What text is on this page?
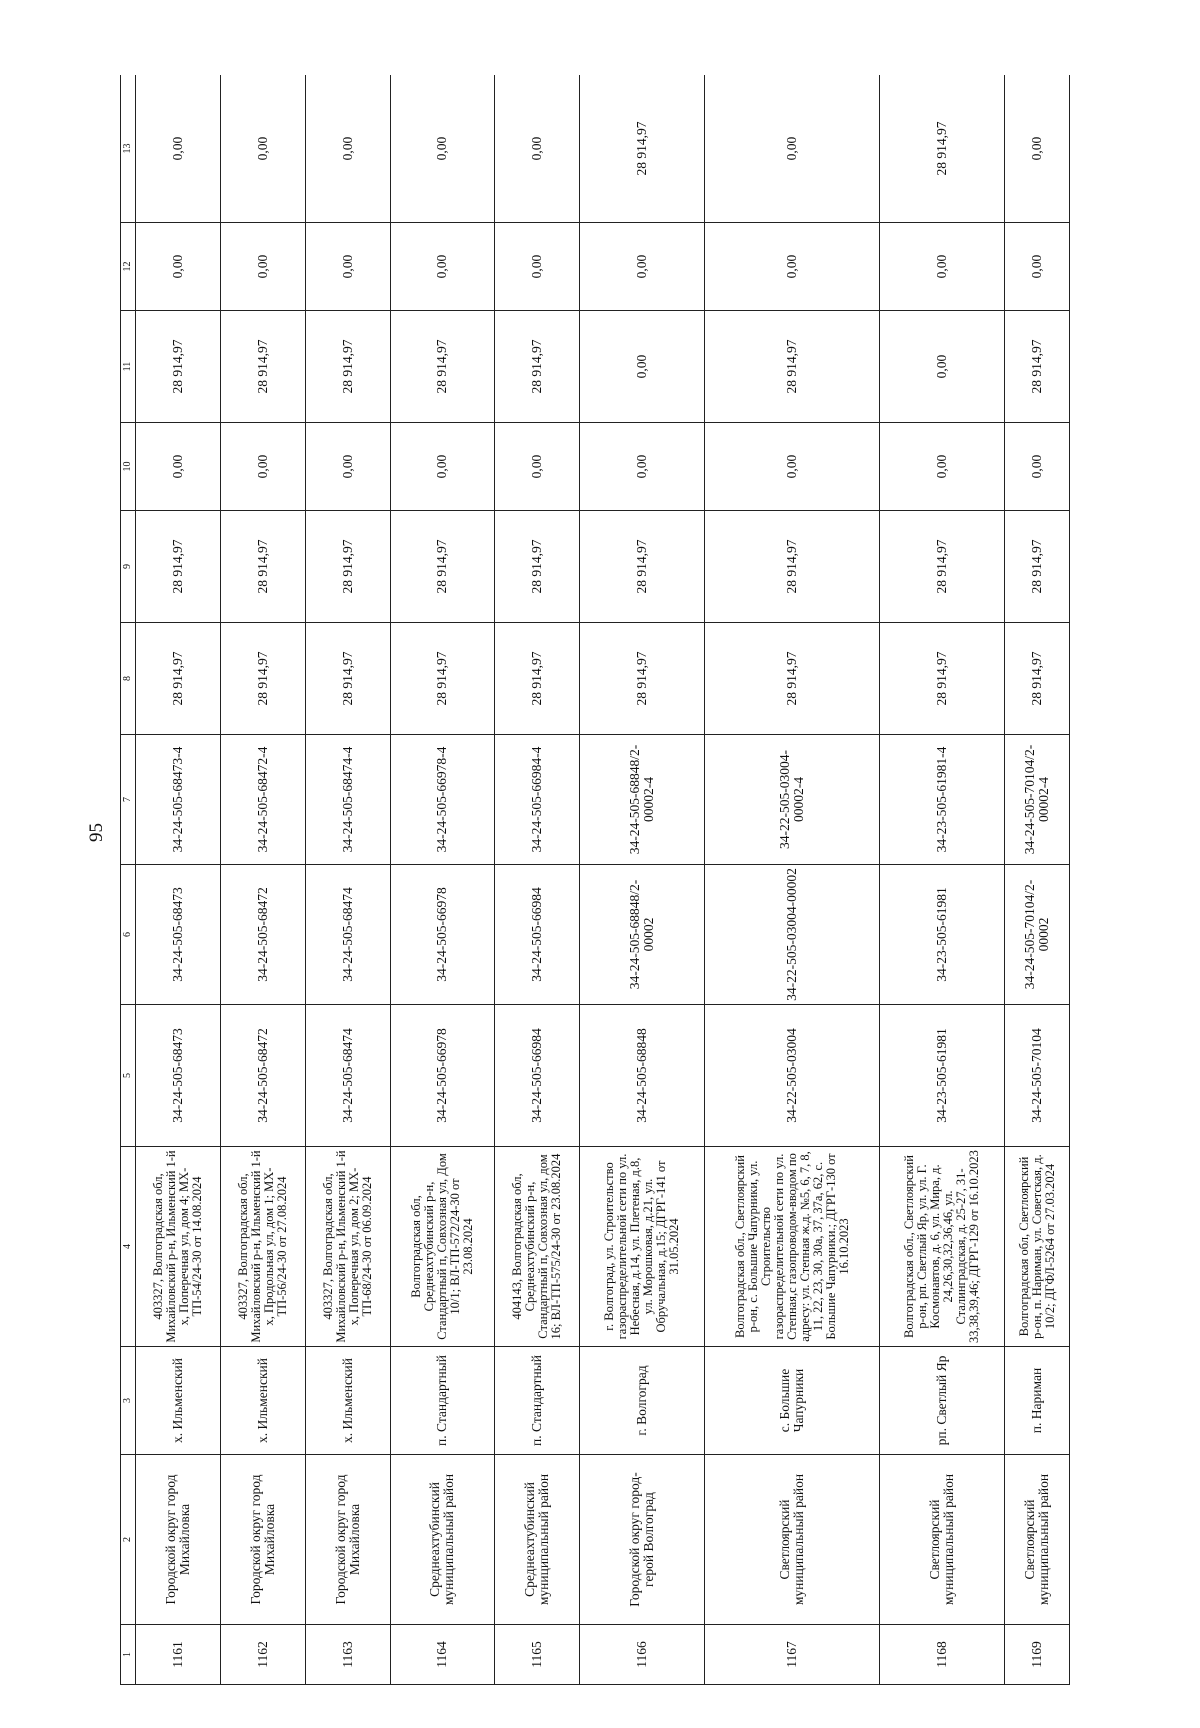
95
1	2	3	4	5	6	7	8	9	10	11	12	13
1161	Городской округ город Михайловка	х. Ильменский	403327, Волгоградская обл, Михайловский р-н, Ильменский 1-й х, Поперечная ул, дом 4; МХ-ТП-54/24-30 от 14.08.2024	34-24-505-68473	34-24-505-68473	34-24-505-68473-4	28 914,97	28 914,97	0,00	28 914,97	0,00	0,00
1162	Городской округ город Михайловка	х. Ильменский	403327, Волгоградская обл, Михайловский р-н, Ильменский 1-й х, Продольная ул, дом 1; МХ-ТП-56/24-30 от 27.08.2024	34-24-505-68472	34-24-505-68472	34-24-505-68472-4	28 914,97	28 914,97	0,00	28 914,97	0,00	0,00
1163	Городской округ город Михайловка	х. Ильменский	403327, Волгоградская обл, Михайловский р-н, Ильменский 1-й х, Поперечная ул, дом 2; МХ-ТП-68/24-30 от 06.09.2024	34-24-505-68474	34-24-505-68474	34-24-505-68474-4	28 914,97	28 914,97	0,00	28 914,97	0,00	0,00
1164	Среднеахтубинский муниципальный район	п. Стандартный	Волгоградская обл, Среднеахтубинский р-н, Стандартный п, Совхозная ул, Дом 10/1; ВЛ-ТП-572/24-30 от 23.08.2024	34-24-505-66978	34-24-505-66978	34-24-505-66978-4	28 914,97	28 914,97	0,00	28 914,97	0,00	0,00
1165	Среднеахтубинский муниципальный район	п. Стандартный	404143, Волгоградская обл, Среднеахтубинский р-н, Стандартный п, Совхозная ул, дом 16; ВЛ-ТП-575/24-30 от 23.08.2024	34-24-505-66984	34-24-505-66984	34-24-505-66984-4	28 914,97	28 914,97	0,00	28 914,97	0,00	0,00
1166	Городской округ город-герой Волгоград	г. Волгоград	г. Волгоград, ул. Строительство газораспределительной сети по ул. Небесная, д.14, ул. Плетеная, д.8, ул. Морошковая, д.21, ул. Обручальная, д.15; ДГРГ-141 от 31.05.2024	34-24-505-68848	34-24-505-68848/2-00002	34-24-505-68848/2-00002-4	28 914,97	28 914,97	0,00	0,00	0,00	28 914,97
1167	Светлоярский муниципальный район	с. Большие Чапурники	Волгоградская обл., Светлоярский р-он, с. Большие Чапурники, ул. Строительство газораспределительной сети по ул. Степная,с газопроводом-вводом по адресу: ул. Степная ж.д. №5, 6, 7, 8, 11, 22, 23, 30, 30а, 37, 37а, 62, с. Большие Чапурники.; ДГРГ-130 от 16.10.2023	34-22-505-03004	34-22-505-03004-00002	34-22-505-03004-00002-4	28 914,97	28 914,97	0,00	28 914,97	0,00	0,00
1168	Светлоярский муниципальный район	рп. Светлый Яр	Волгоградская обл., Светлоярский р-он, рп. Светлый Яр, ул. ул. Г. Космонавтов, д. 6, ул. Мира, д. 24,26,30,32,36,46, ул. Сталинградская, д. 25-27, 31-33,38,39,46; ДГРГ-129 от 16.10.2023	34-23-505-61981	34-23-505-61981	34-23-505-61981-4	28 914,97	28 914,97	0,00	0,00	0,00	28 914,97
1169	Светлоярский муниципальный район	п. Нариман	Волгоградская обл, Светлоярский р-он, п. Нариман, ул. Советская, д. 10/2; ДГФЛ-5264 от 27.03.2024	34-24-505-70104	34-24-505-70104/2-00002	34-24-505-70104/2-00002-4	28 914,97	28 914,97	0,00	28 914,97	0,00	0,00
